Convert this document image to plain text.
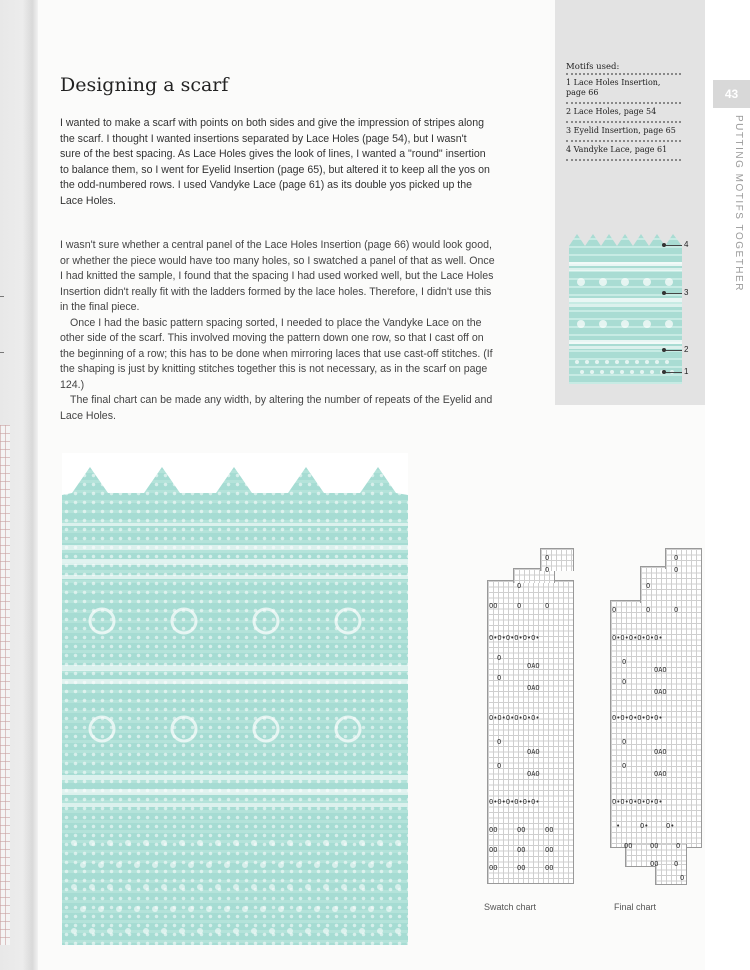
Motifs used:
1 Lace Holes Insertion, page 66
2 Lace Holes, page 54
3 Eyelid Insertion, page 65
4 Vandyke Lace, page 61
4
3
2
1
43
PUTTING MOTIFS TOGETHER
Designing a scarf

I wanted to make a scarf with points on both sides and give the impression of stripes along the scarf. I thought I wanted insertions separated by Lace Holes (page 54), but I wasn't sure of the best spacing. As Lace Holes gives the look of lines, I wanted a "round" insertion to balance them, so I went for Eyelid Insertion (page 65), but altered it to keep all the yos on the odd-numbered rows. I used Vandyke Lace (page 61) as its double yos picked up the Lace Holes.

I wasn't sure whether a central panel of the Lace Holes Insertion (page 66) would look good, or whether the piece would have too many holes, so I swatched a panel of that as well. Once I had knitted the sample, I found that the spacing I had used worked well, but the Lace Holes Insertion didn't really fit with the ladders formed by the lace holes. Therefore, I didn't use this in the final piece.

Once I had the basic pattern spacing sorted, I needed to place the Vandyke Lace on the other side of the scarf. This involved moving the pattern down one row, so that I cast off on the beginning of a row; this has to be done when mirroring laces that use cast-off stitches. (If the shaping is just by knitting stitches together this is not necessary, as in the scarf on page 124.)

The final chart can be made any width, by altering the number of repeats of the Eyelid and Lace Holes.

O
O
O
OO	O	O
O•O•O•O•O•O•
O
OAO
O
OAO
O•O•O•O•O•O•
O
OAO
O
OAO
O•O•O•O•O•O•
OO	OO	OO
OO	OO	OO
OO	OO	OO
Swatch chart
O
O
O
O	O	O
O•O•O•O•O•O•
O
OAO
O
OAO
O•O•O•O•O•O•
O
OAO
O
OAO
O•O•O•O•O•O•
•	O•	O•
OO	OO	O
OO O
O
Final chart
